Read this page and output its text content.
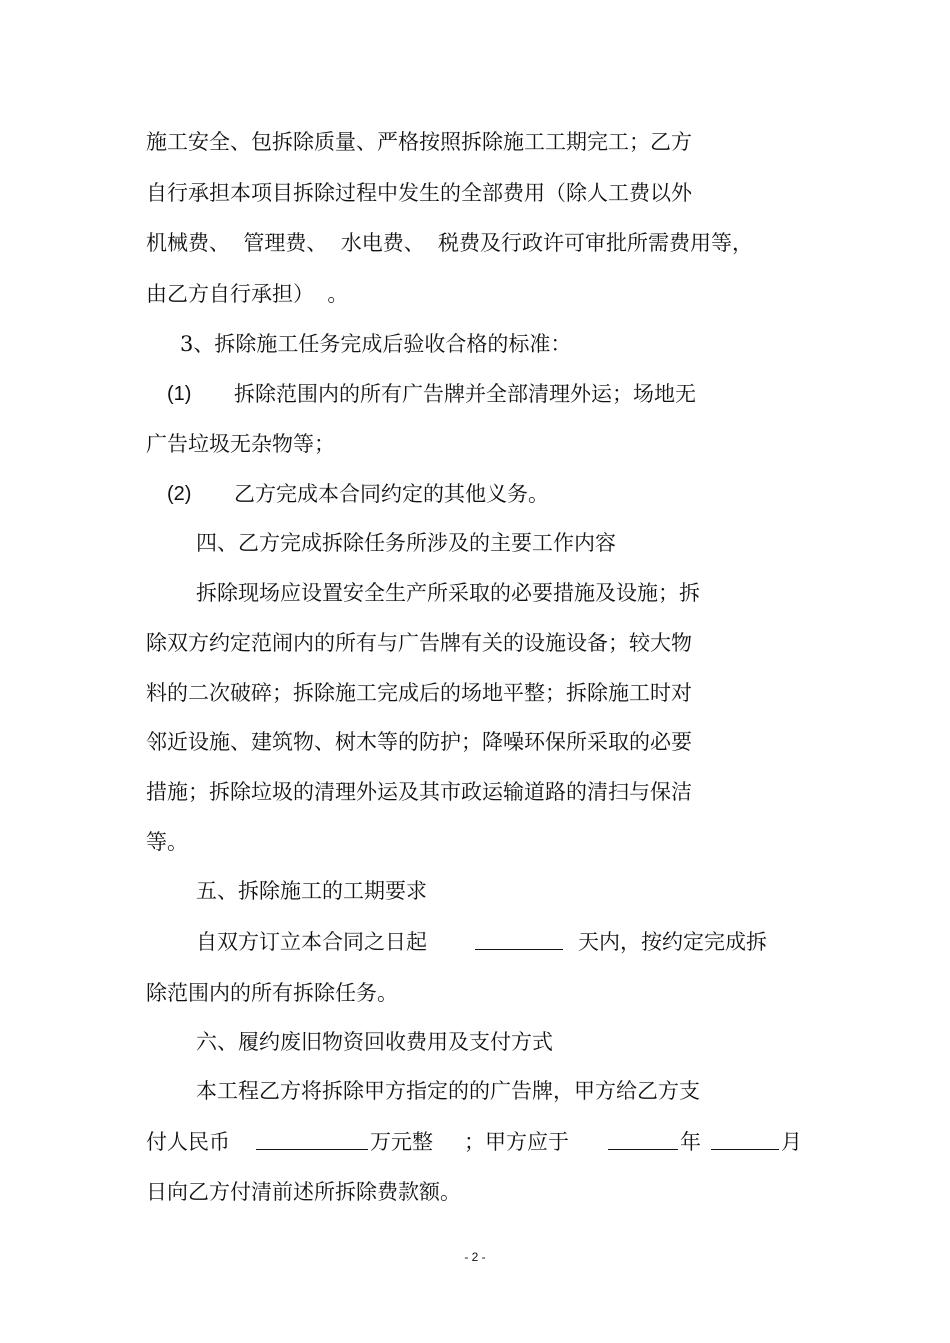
施工安全、包拆除质量、严格按照拆除施工工期完工；乙方
自行承担本项目拆除过程中发生的全部费用（除人工费以外
机械费、  管理费、  水电费、  税费及行政许可审批所需费用等，
由乙方自行承担）  。
3、拆除施工任务完成后验收合格的标准：
(1) 拆除范围内的所有广告牌并全部清理外运；场地无
广告垃圾无杂物等；
(2) 乙方完成本合同约定的其他义务。
四、乙方完成拆除任务所涉及的主要工作内容
拆除现场应设置安全生产所采取的必要措施及设施；拆
除双方约定范闹内的所有与广告牌有关的设施设备；较大物
料的二次破碎；拆除施工完成后的场地平整；拆除施工时对
邻近设施、建筑物、树木等的防护；降噪环保所采取的必要
措施；拆除垃圾的清理外运及其市政运输道路的清扫与保洁
等。
五、拆除施工的工期要求
自双方订立本合同之日起	天内，按约定完成拆
除范围内的所有拆除任务。
六、履约废旧物资回收费用及支付方式
本工程乙方将拆除甲方指定的的广告牌，甲方给乙方支
付人民币	万元整 ；甲方应于	年	月
日向乙方付清前述所拆除费款额。
- 2 -
